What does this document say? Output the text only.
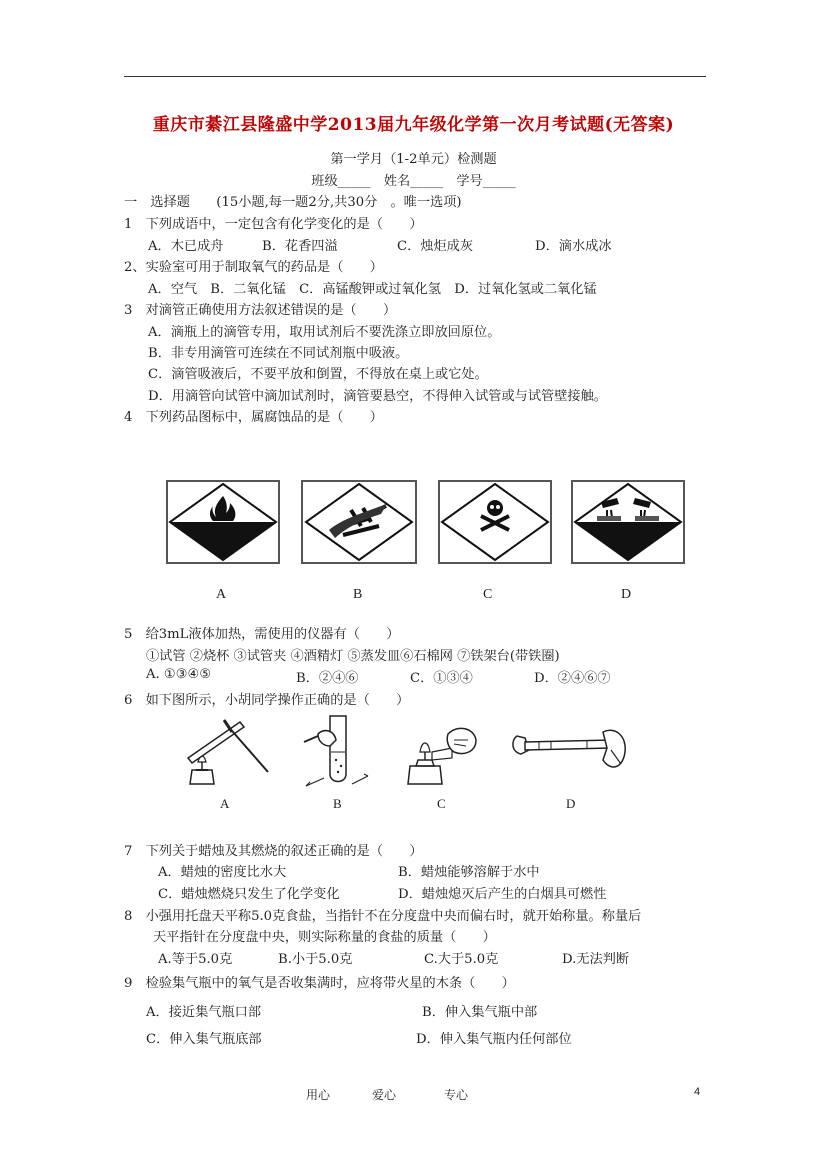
重庆市綦江县隆盛中学2013届九年级化学第一次月考试题(无答案)
第一学月（1-2单元）检测题
班级_____　姓名_____　学号_____
一　选择题　　(15小题,每一题2分,共30分　。唯一选项)
1　下列成语中，一定包含有化学变化的是（　　）
A．木已成舟	B．花香四溢	C．烛炬成灰	D．滴水成冰
2、实验室可用于制取氧气的药品是（　　）
A．空气　B．二氧化锰　C．高锰酸钾或过氧化氢　D．过氧化氢或二氧化锰
3　对滴管正确使用方法叙述错误的是（　　）
A．滴瓶上的滴管专用，取用试剂后不要洗涤立即放回原位。
B．非专用滴管可连续在不同试剂瓶中吸液。
C．滴管吸液后，不要平放和倒置，不得放在桌上或它处。
D．用滴管向试管中滴加试剂时，滴管要悬空，不得伸入试管或与试管壁接触。
4　下列药品图标中，属腐蚀品的是（　　）
A	B	C	D
5　给3mL液体加热，需使用的仪器有（　　）
①试管 ②烧杯 ③试管夹 ④酒精灯 ⑤蒸发皿⑥石棉网 ⑦铁架台(带铁圈)
A. ①③④⑤	B．②④⑥	C．①③④	D．②④⑥⑦
6　如下图所示，小胡同学操作正确的是（　　）
A	B	C	D
7　下列关于蜡烛及其燃烧的叙述正确的是（　　）
A．蜡烛的密度比水大	B．蜡烛能够溶解于水中
C．蜡烛燃烧只发生了化学变化	D．蜡烛熄灭后产生的白烟具可燃性
8　小强用托盘天平称5.0克食盐，当指针不在分度盘中央而偏右时，就开始称量。称量后
天平指针在分度盘中央，则实际称量的食盐的质量（　　）
A.等于5.0克	B.小于5.0克	C.大于5.0克	D.无法判断
9　检验集气瓶中的氧气是否收集满时，应将带火星的木条（　　）
A．接近集气瓶口部	B．伸入集气瓶中部
C．伸入集气瓶底部	D．伸入集气瓶内任何部位
用心	爱心	专心	4
